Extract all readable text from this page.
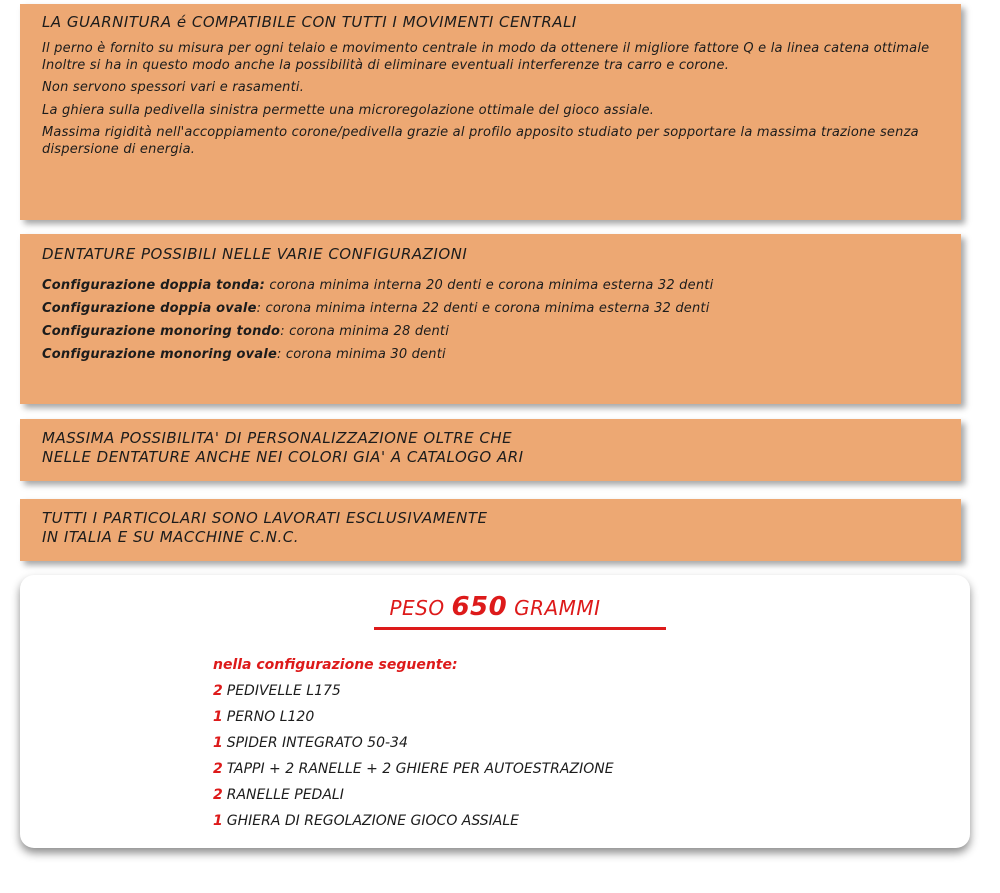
LA GUARNITURA é COMPATIBILE CON TUTTI I MOVIMENTI CENTRALI

Il perno è fornito su misura per ogni telaio e movimento centrale in modo da ottenere il migliore fattore Q e la linea catena ottimale Inoltre si ha in questo modo anche la possibilità di eliminare eventuali interferenze tra carro e corone.

Non servono spessori vari e rasamenti.

La ghiera sulla pedivella sinistra permette una microregolazione ottimale del gioco assiale.

Massima rigidità nell'accoppiamento corone/pedivella grazie al profilo apposito studiato per sopportare la massima trazione senza dispersione di energia.

DENTATURE POSSIBILI NELLE VARIE CONFIGURAZIONI
Configurazione doppia tonda: corona minima interna 20 denti e corona minima esterna 32 denti
Configurazione doppia ovale: corona minima interna 22 denti e corona minima esterna 32 denti
Configurazione monoring tondo: corona minima 28 denti
Configurazione monoring ovale: corona minima 30 denti
MASSIMA POSSIBILITA' DI PERSONALIZZAZIONE OLTRE CHE
NELLE DENTATURE ANCHE NEI COLORI GIA' A CATALOGO ARI
TUTTI I PARTICOLARI SONO LAVORATI ESCLUSIVAMENTE
IN ITALIA E SU MACCHINE C.N.C.
PESO 650 GRAMMI
nella configurazione seguente:
2 PEDIVELLE L175
1 PERNO L120
1 SPIDER INTEGRATO 50-34
2 TAPPI + 2 RANELLE + 2 GHIERE PER AUTOESTRAZIONE
2 RANELLE PEDALI
1 GHIERA DI REGOLAZIONE GIOCO ASSIALE
